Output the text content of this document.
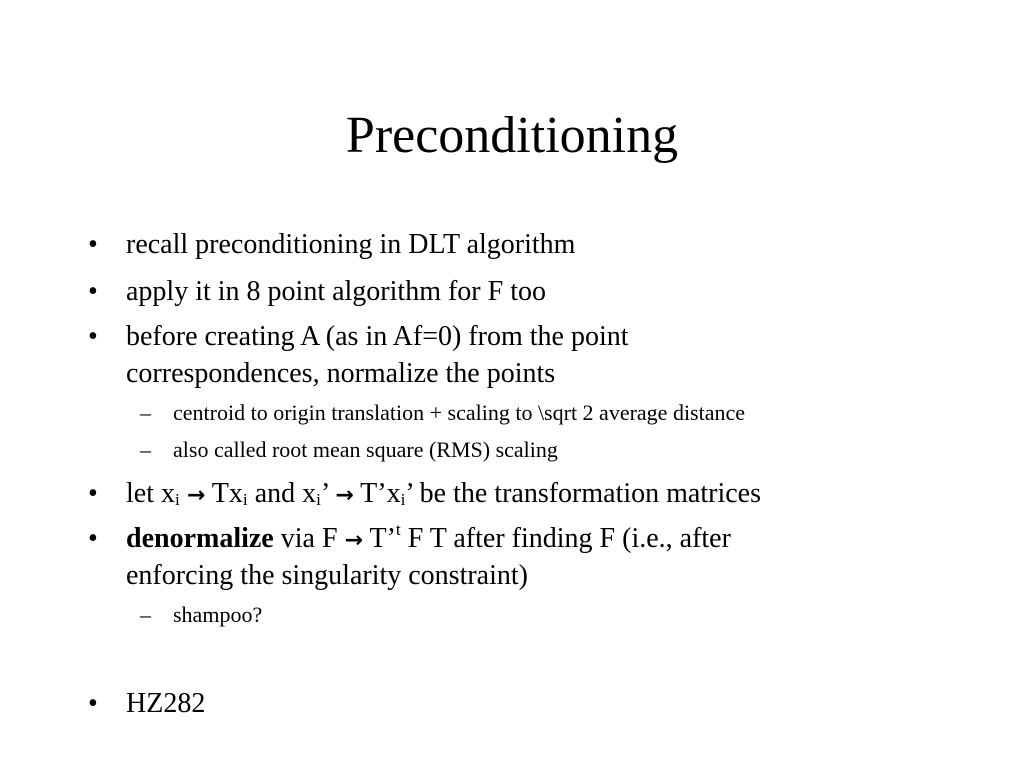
Preconditioning
• recall preconditioning in DLT algorithm
• apply it in 8 point algorithm for F too
• before creating A (as in Af=0) from the point
correspondences, normalize the points
– centroid to origin translation + scaling to \sqrt 2 average distance
– also called root mean square (RMS) scaling
• let $x_i \to Tx_i$ and $x_i$’ → $T’x_i$’ be the transformation matrices
• denormalize via F → T’$^t$ F T after finding F (i.e., after
enforcing the singularity constraint)
– shampoo?
• HZ282
